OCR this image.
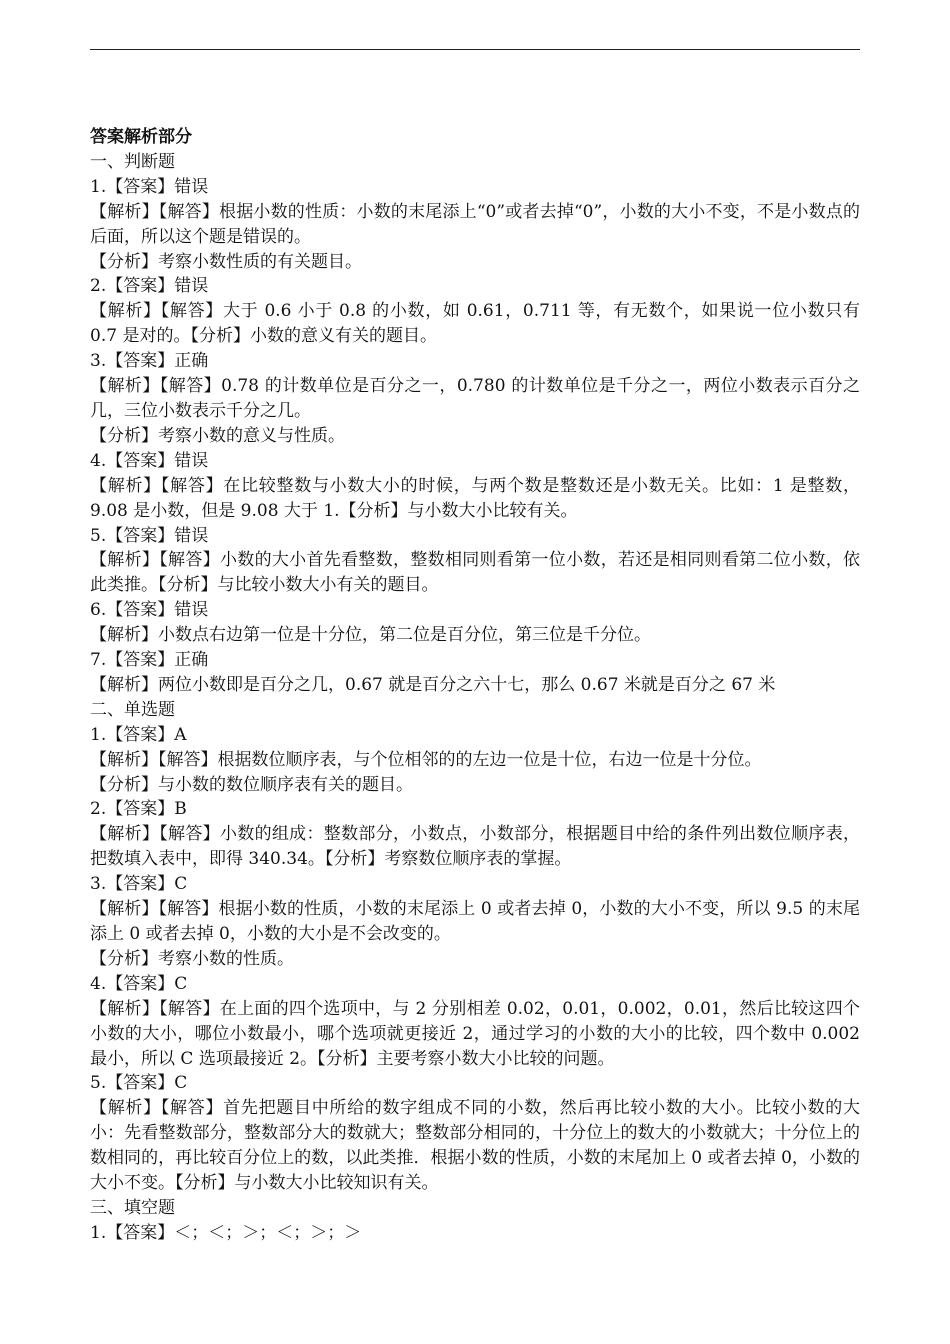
答案解析部分

一、判断题

1.【答案】错误

【解析】【解答】根据小数的性质：小数的末尾添上“0”或者去掉“0”，小数的大小不变，不是小数点的后面，所以这个题是错误的。

【分析】考察小数性质的有关题目。

2.【答案】错误

【解析】【解答】大于 0.6 小于 0.8 的小数，如 0.61，0.711 等，有无数个，如果说一位小数只有 0.7 是对的。【分析】小数的意义有关的题目。

3.【答案】正确

【解析】【解答】0.78 的计数单位是百分之一，0.780 的计数单位是千分之一，两位小数表示百分之几，三位小数表示千分之几。

【分析】考察小数的意义与性质。

4.【答案】错误

【解析】【解答】在比较整数与小数大小的时候，与两个数是整数还是小数无关。比如：1 是整数，9.08 是小数，但是 9.08 大于 1.【分析】与小数大小比较有关。

5.【答案】错误

【解析】【解答】小数的大小首先看整数，整数相同则看第一位小数，若还是相同则看第二位小数，依此类推。【分析】与比较小数大小有关的题目。

6.【答案】错误

【解析】小数点右边第一位是十分位，第二位是百分位，第三位是千分位。

7.【答案】正确

【解析】两位小数即是百分之几，0.67 就是百分之六十七，那么 0.67 米就是百分之 67 米

二、单选题

1.【答案】A

【解析】【解答】根据数位顺序表，与个位相邻的的左边一位是十位，右边一位是十分位。

【分析】与小数的数位顺序表有关的题目。

2.【答案】B

【解析】【解答】小数的组成：整数部分，小数点，小数部分，根据题目中给的条件列出数位顺序表，把数填入表中，即得 340.34。【分析】考察数位顺序表的掌握。

3.【答案】C

【解析】【解答】根据小数的性质，小数的末尾添上 0 或者去掉 0，小数的大小不变，所以 9.5 的末尾添上 0 或者去掉 0，小数的大小是不会改变的。

【分析】考察小数的性质。

4.【答案】C

【解析】【解答】在上面的四个选项中，与 2 分别相差 0.02，0.01，0.002，0.01，然后比较这四个小数的大小，哪位小数最小，哪个选项就更接近 2，通过学习的小数的大小的比较，四个数中 0.002 最小，所以 C 选项最接近 2。【分析】主要考察小数大小比较的问题。

5.【答案】C

【解析】【解答】首先把题目中所给的数字组成不同的小数，然后再比较小数的大小。比较小数的大小：先看整数部分，整数部分大的数就大；整数部分相同的，十分位上的数大的小数就大；十分位上的数相同的，再比较百分位上的数，以此类推．根据小数的性质，小数的末尾加上 0 或者去掉 0，小数的大小不变。【分析】与小数大小比较知识有关。

三、填空题

1.【答案】＜；＜；＞；＜；＞；＞
